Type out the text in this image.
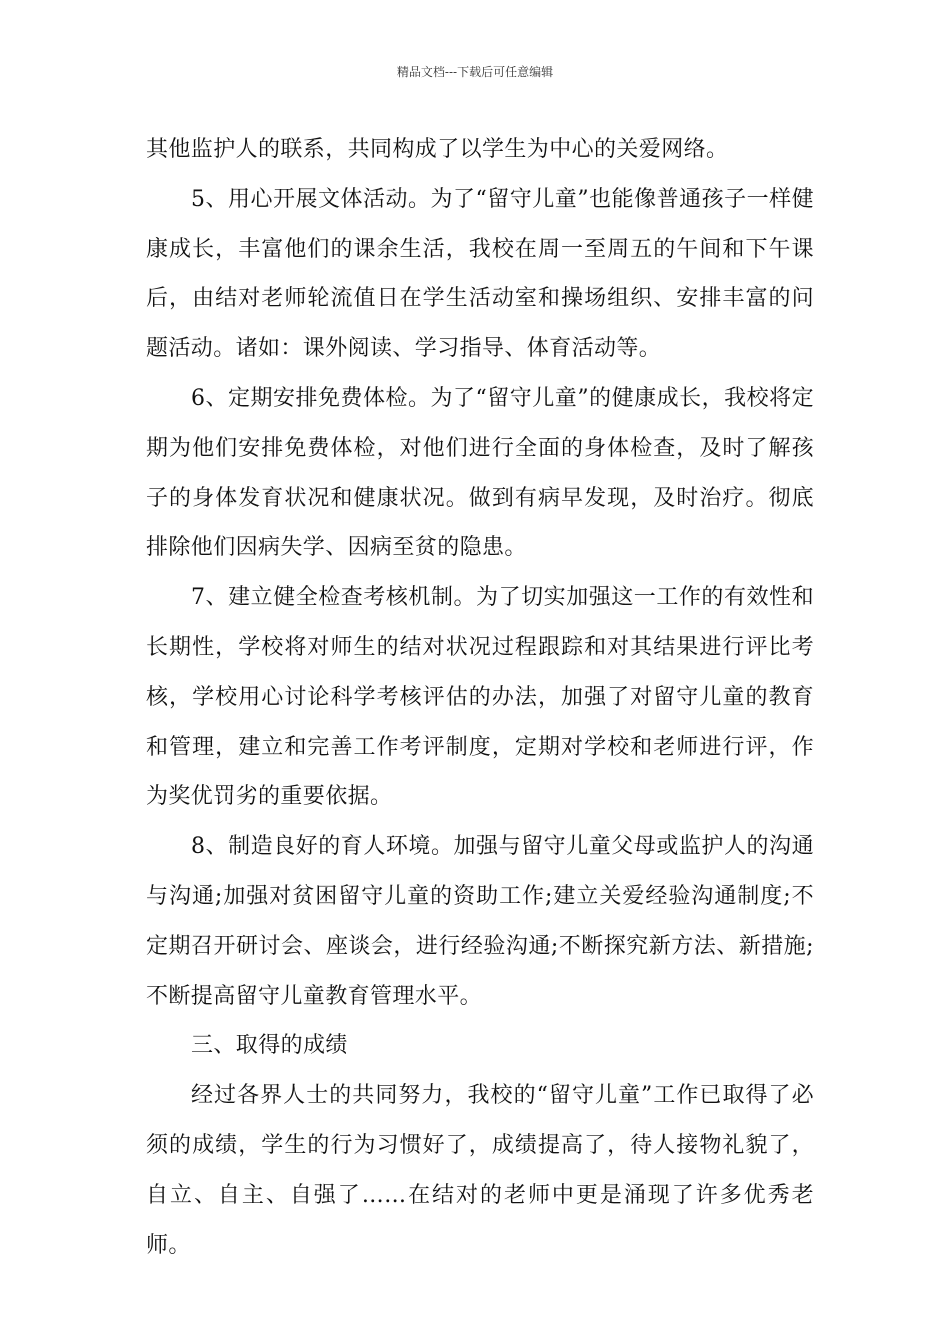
精品文档---下载后可任意编辑

其他监护人的联系，共同构成了以学生为中心的关爱网络。

5、用心开展文体活动。为了“留守儿童”也能像普通孩子一样健康成长，丰富他们的课余生活，我校在周一至周五的午间和下午课后，由结对老师轮流值日在学生活动室和操场组织、安排丰富的问题活动。诸如：课外阅读、学习指导、体育活动等。

6、定期安排免费体检。为了“留守儿童”的健康成长，我校将定期为他们安排免费体检，对他们进行全面的身体检查，及时了解孩子的身体发育状况和健康状况。做到有病早发现，及时治疗。彻底排除他们因病失学、因病至贫的隐患。

7、建立健全检查考核机制。为了切实加强这一工作的有效性和长期性，学校将对师生的结对状况过程跟踪和对其结果进行评比考核，学校用心讨论科学考核评估的办法，加强了对留守儿童的教育和管理，建立和完善工作考评制度，定期对学校和老师进行评，作为奖优罚劣的重要依据。

8、制造良好的育人环境。加强与留守儿童父母或监护人的沟通与沟通;加强对贫困留守儿童的资助工作;建立关爱经验沟通制度;不定期召开研讨会、座谈会，进行经验沟通;不断探究新方法、新措施;不断提高留守儿童教育管理水平。

三、取得的成绩

经过各界人士的共同努力，我校的“留守儿童”工作已取得了必须的成绩，学生的行为习惯好了，成绩提高了，待人接物礼貌了，自立、自主、自强了……在结对的老师中更是涌现了许多优秀老师。
